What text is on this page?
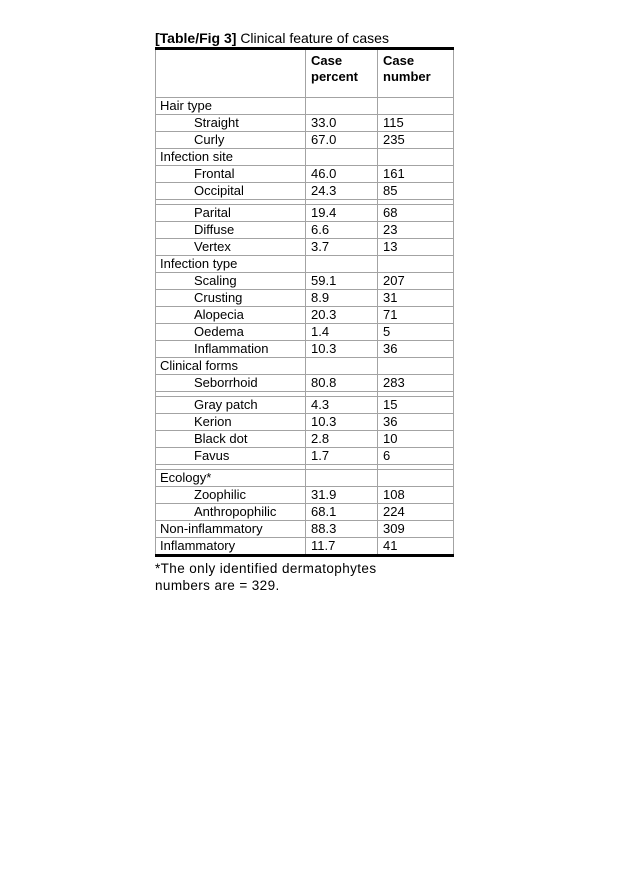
[Table/Fig 3] Clinical feature of cases
	Case percent	Case number
Hair type		
Straight	33.0	115
Curly	67.0	235
Infection site		
Frontal	46.0	161
Occipital	24.3	85

Parital	19.4	68
Diffuse	6.6	23
Vertex	3.7	13
Infection type		
Scaling	59.1	207
Crusting	8.9	31
Alopecia	20.3	71
Oedema	1.4	5
Inflammation	10.3	36
Clinical forms		
Seborrhoid	80.8	283

Gray patch	4.3	15
Kerion	10.3	36
Black dot	2.8	10
Favus	1.7	6

Ecology*		
Zoophilic	31.9	108
Anthropophilic	68.1	224
Non-inflammatory	88.3	309
Inflammatory	11.7	41
*The only identified dermatophytes
numbers are = 329.
